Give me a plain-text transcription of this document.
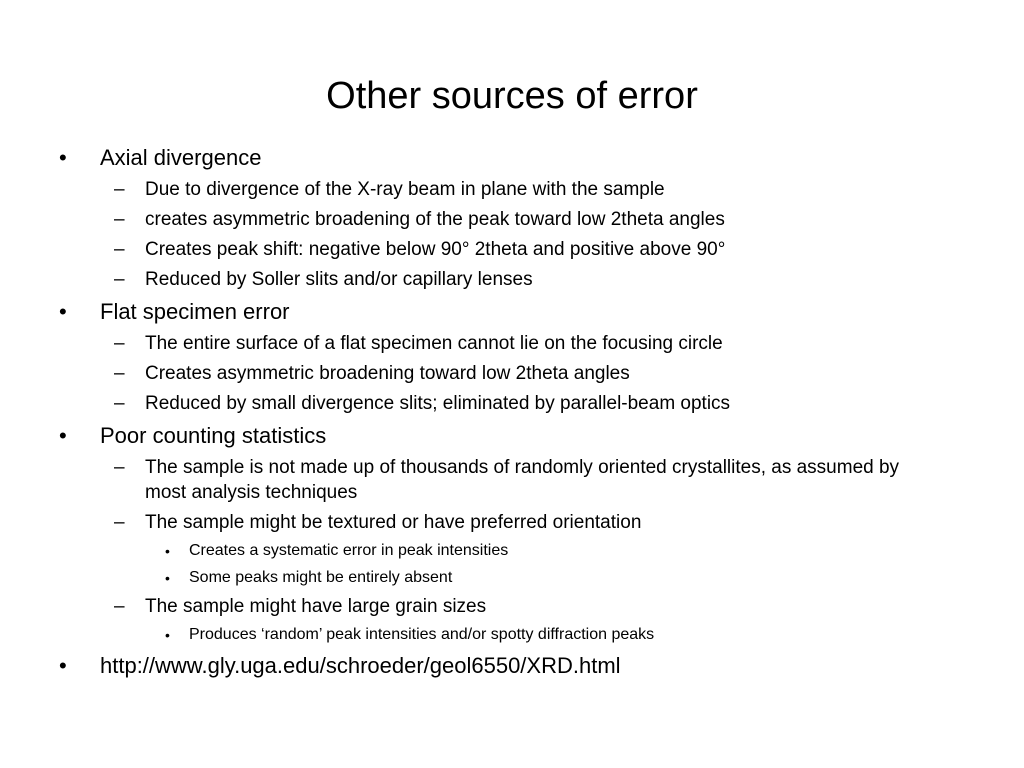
Other sources of error
• Axial divergence
– Due to divergence of the X-ray beam in plane with the sample
– creates asymmetric broadening of the peak toward low 2theta angles
– Creates peak shift: negative below 90° 2theta and positive above 90°
– Reduced by Soller slits and/or capillary lenses
• Flat specimen error
– The entire surface of a flat specimen cannot lie on the focusing circle
– Creates asymmetric broadening toward low 2theta angles
– Reduced by small divergence slits; eliminated by parallel-beam optics
• Poor counting statistics
– The sample is not made up of thousands of randomly oriented crystallites, as assumed by most analysis techniques
– The sample might be textured or have preferred orientation
• Creates a systematic error in peak intensities
• Some peaks might be entirely absent
– The sample might have large grain sizes
• Produces ‘random’ peak intensities and/or spotty diffraction peaks
• http://www.gly.uga.edu/schroeder/geol6550/XRD.html
